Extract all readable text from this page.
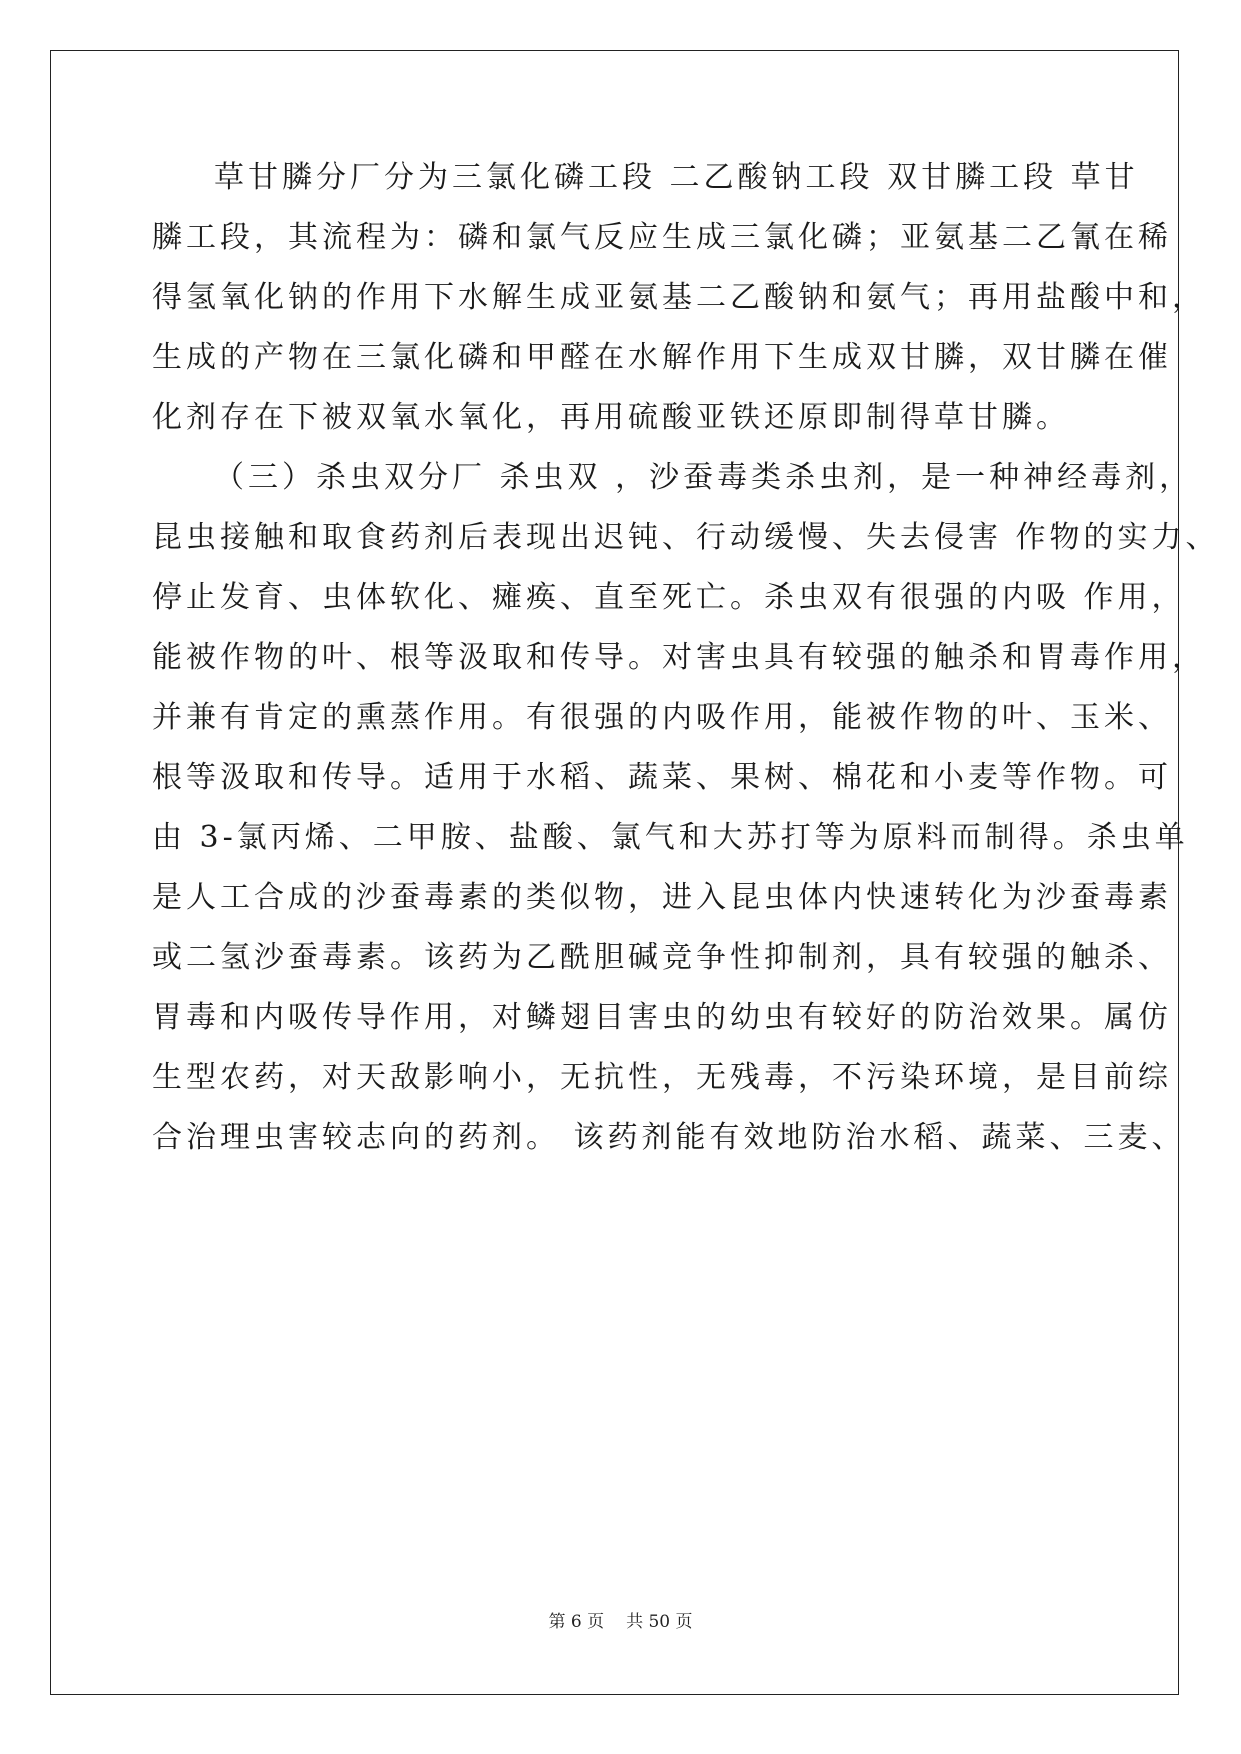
草甘膦分厂分为三氯化磷工段 二乙酸钠工段 双甘膦工段 草甘
膦工段，其流程为：磷和氯气反应生成三氯化磷；亚氨基二乙氰在稀
得氢氧化钠的作用下水解生成亚氨基二乙酸钠和氨气；再用盐酸中和，
生成的产物在三氯化磷和甲醛在水解作用下生成双甘膦，双甘膦在催
化剂存在下被双氧水氧化，再用硫酸亚铁还原即制得草甘膦。
（三）杀虫双分厂 杀虫双 ，沙蚕毒类杀虫剂，是一种神经毒剂，
昆虫接触和取食药剂后表现出迟钝、行动缓慢、失去侵害 作物的实力、
停止发育、虫体软化、瘫痪、直至死亡。杀虫双有很强的内吸 作用，
能被作物的叶、根等汲取和传导。对害虫具有较强的触杀和胃毒作用，
并兼有肯定的熏蒸作用。有很强的内吸作用，能被作物的叶、玉米、
根等汲取和传导。适用于水稻、蔬菜、果树、棉花和小麦等作物。可
由 3-氯丙烯、二甲胺、盐酸、氯气和大苏打等为原料而制得。杀虫单
是人工合成的沙蚕毒素的类似物，进入昆虫体内快速转化为沙蚕毒素
或二氢沙蚕毒素。该药为乙酰胆碱竞争性抑制剂，具有较强的触杀、
胃毒和内吸传导作用，对鳞翅目害虫的幼虫有较好的防治效果。属仿
生型农药，对天敌影响小，无抗性，无残毒，不污染环境，是目前综
合治理虫害较志向的药剂。 该药剂能有效地防治水稻、蔬菜、三麦、
第 6 页 共 50 页
